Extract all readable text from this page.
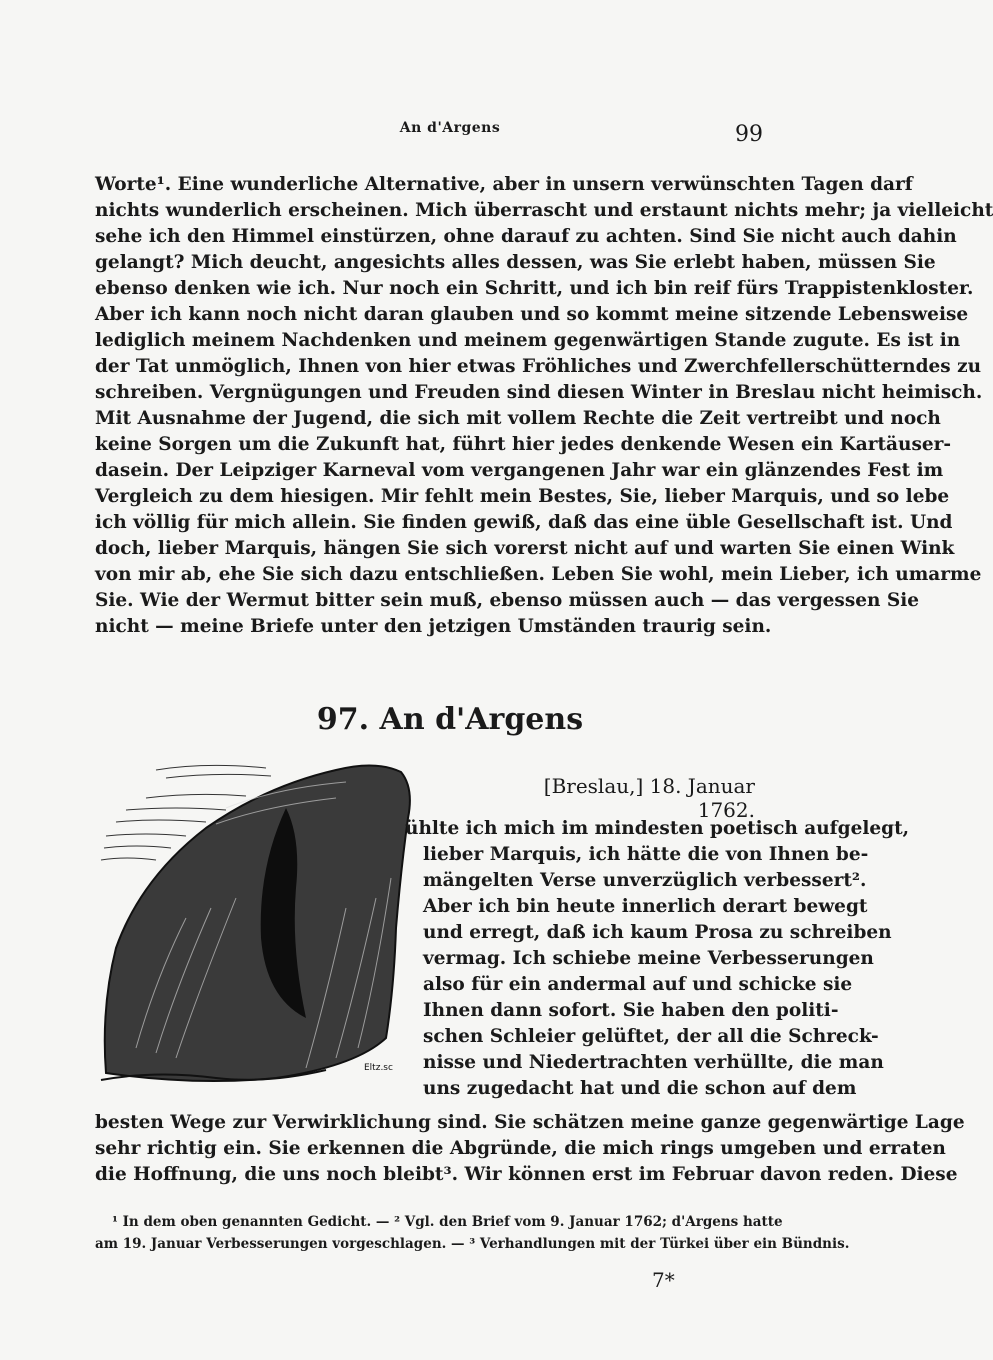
An d'Argens	99
Worte¹. Eine wunderliche Alternative, aber in unsern verwünschten Tagen darf
nichts wunderlich erscheinen. Mich überrascht und erstaunt nichts mehr; ja vielleicht
sehe ich den Himmel einstürzen, ohne darauf zu achten. Sind Sie nicht auch dahin
gelangt? Mich deucht, angesichts alles dessen, was Sie erlebt haben, müssen Sie
ebenso denken wie ich. Nur noch ein Schritt, und ich bin reif fürs Trappistenkloster.
Aber ich kann noch nicht daran glauben und so kommt meine sitzende Lebensweise
lediglich meinem Nachdenken und meinem gegenwärtigen Stande zugute. Es ist in
der Tat unmöglich, Ihnen von hier etwas Fröhliches und Zwerchfellerschütterndes zu
schreiben. Vergnügungen und Freuden sind diesen Winter in Breslau nicht heimisch.
Mit Ausnahme der Jugend, die sich mit vollem Rechte die Zeit vertreibt und noch
keine Sorgen um die Zukunft hat, führt hier jedes denkende Wesen ein Kartäuser-
dasein. Der Leipziger Karneval vom vergangenen Jahr war ein glänzendes Fest im
Vergleich zu dem hiesigen. Mir fehlt mein Bestes, Sie, lieber Marquis, und so lebe
ich völlig für mich allein. Sie finden gewiß, daß das eine üble Gesellschaft ist. Und
doch, lieber Marquis, hängen Sie sich vorerst nicht auf und warten Sie einen Wink
von mir ab, ehe Sie sich dazu entschließen. Leben Sie wohl, mein Lieber, ich umarme
Sie. Wie der Wermut bitter sein muß, ebenso müssen auch — das vergessen Sie
nicht — meine Briefe unter den jetzigen Umständen traurig sein.
97. An d'Argens
[Breslau,] 18. Januar 1762.
Eltz.sc
ühlte ich mich im mindesten poetisch aufgelegt,
lieber Marquis, ich hätte die von Ihnen be-
mängelten Verse unverzüglich verbessert².
Aber ich bin heute innerlich derart bewegt
und erregt, daß ich kaum Prosa zu schreiben
vermag. Ich schiebe meine Verbesserungen
also für ein andermal auf und schicke sie
Ihnen dann sofort. Sie haben den politi-
schen Schleier gelüftet, der all die Schreck-
nisse und Niedertrachten verhüllte, die man
uns zugedacht hat und die schon auf dem
besten Wege zur Verwirklichung sind. Sie schätzen meine ganze gegenwärtige Lage
sehr richtig ein. Sie erkennen die Abgründe, die mich rings umgeben und erraten
die Hoffnung, die uns noch bleibt³. Wir können erst im Februar davon reden. Diese
¹ In dem oben genannten Gedicht. — ² Vgl. den Brief vom 9. Januar 1762; d'Argens hatte
am 19. Januar Verbesserungen vorgeschlagen. — ³ Verhandlungen mit der Türkei über ein Bündnis.
7*
